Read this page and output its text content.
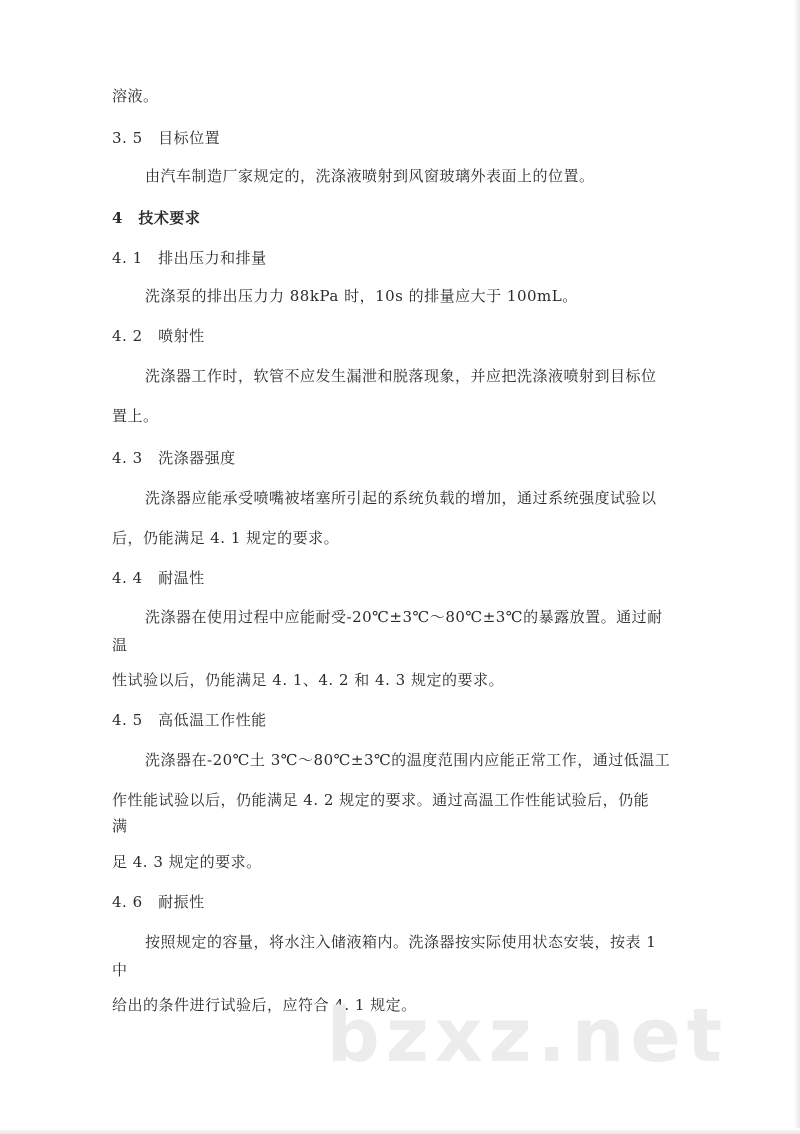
溶液。
3. 5　目标位置
由汽车制造厂家规定的，洗涤液喷射到风窗玻璃外表面上的位置。
4　技术要求
4. 1　排出压力和排量
洗涤泵的排出压力力 88kPa 时，10s 的排量应大于 100mL。
4. 2　喷射性
洗涤器工作时，软管不应发生漏泄和脱落现象，并应把洗涤液喷射到目标位
置上。
4. 3　洗涤器强度
洗涤器应能承受喷嘴被堵塞所引起的系统负载的增加，通过系统强度试验以
后，仍能满足 4. 1 规定的要求。
4. 4　耐温性
洗涤器在使用过程中应能耐受-20℃±3℃～80℃±3℃的暴露放置。通过耐
温
性试验以后，仍能满足 4. 1、4. 2 和 4. 3 规定的要求。
4. 5　高低温工作性能
洗涤器在-20℃土 3℃～80℃±3℃的温度范围内应能正常工作，通过低温工
作性能试验以后，仍能满足 4. 2 规定的要求。通过高温工作性能试验后，仍能
满
足 4. 3 规定的要求。
4. 6　耐振性
按照规定的容量，将水注入储液箱内。洗涤器按实际使用状态安装，按表 1
中
给出的条件进行试验后，应符合 4. 1 规定。
bzxz.net
